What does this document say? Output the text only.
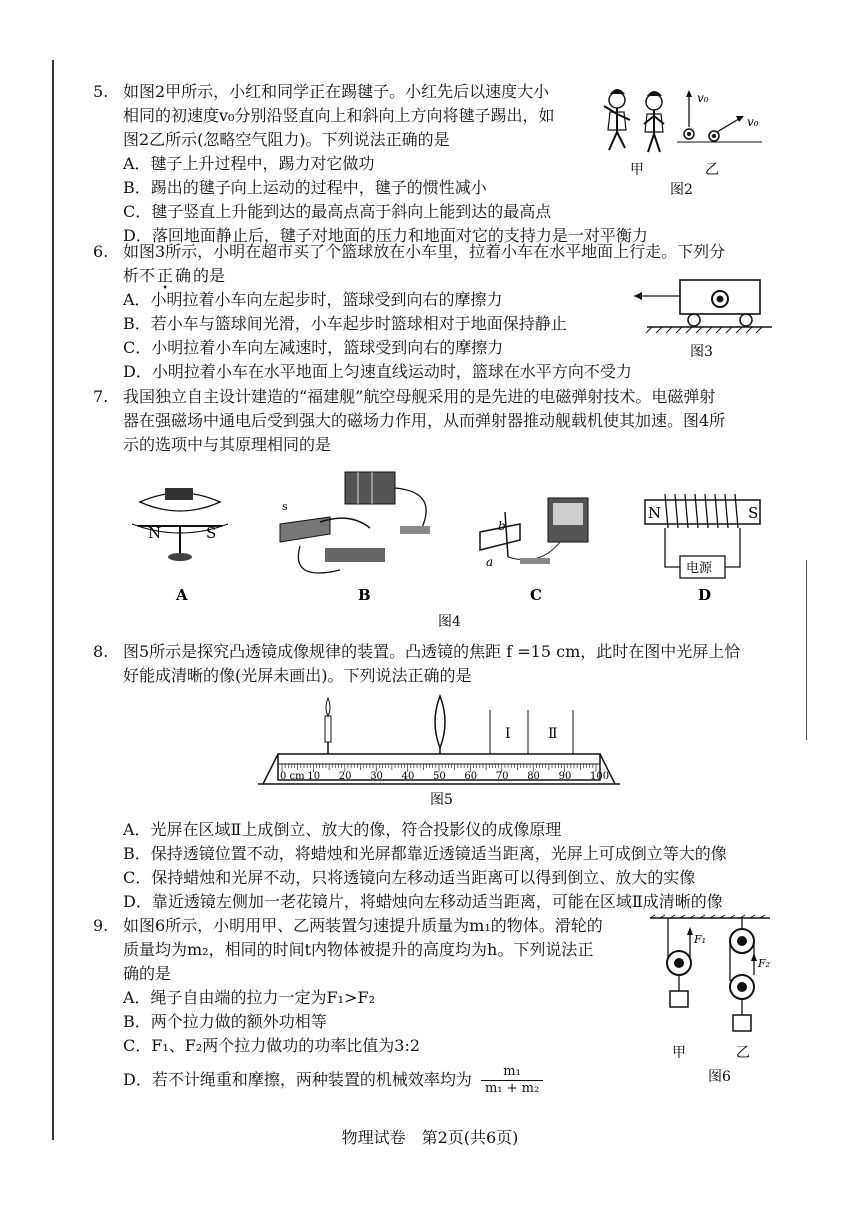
5. 如图2甲所示，小红和同学正在踢毽子。小红先后以速度大小
相同的初速度v₀分别沿竖直向上和斜向上方向将毽子踢出，如
图2乙所示(忽略空气阻力)。下列说法正确的是
A．毽子上升过程中，踢力对它做功
B．踢出的毽子向上运动的过程中，毽子的惯性减小
C．毽子竖直上升能到达的最高点高于斜向上能到达的最高点
D．落回地面静止后，毽子对地面的压力和地面对它的支持力是一对平衡力
v₀
v₀
甲	乙
图2
6. 如图3所示，小明在超市买了个篮球放在小车里，拉着小车在水平地面上行走。下列分
析不正确的是
A．小明拉着小车向左起步时，篮球受到向右的摩擦力
B．若小车与篮球间光滑，小车起步时篮球相对于地面保持静止
C．小明拉着小车向左减速时，篮球受到向右的摩擦力
D．小明拉着小车在水平地面上匀速直线运动时，篮球在水平方向不受力
图3
7. 我国独立自主设计建造的“福建舰”航空母舰采用的是先进的电磁弹射技术。电磁弹射
器在强磁场中通电后受到强大的磁场力作用，从而弹射器推动舰载机使其加速。图4所
示的选项中与其原理相同的是
N	S
A
s
B
b
a
C
N	S
电源
D
图4
8. 图5所示是探究凸透镜成像规律的装置。凸透镜的焦距 f =15 cm，此时在图中光屏上恰
好能成清晰的像(光屏未画出)。下列说法正确的是
Ⅰ	Ⅱ
0 cm 10 20 30 40 50 60 70 80 90 100
图5
A．光屏在区域Ⅱ上成倒立、放大的像，符合投影仪的成像原理
B．保持透镜位置不动，将蜡烛和光屏都靠近透镜适当距离，光屏上可成倒立等大的像
C．保持蜡烛和光屏不动，只将透镜向左移动适当距离可以得到倒立、放大的实像
D．靠近透镜左侧加一老花镜片，将蜡烛向左移动适当距离，可能在区域Ⅱ成清晰的像
9. 如图6所示，小明用甲、乙两装置匀速提升质量为m₁的物体。滑轮的
质量均为m₂，相同的时间t内物体被提升的高度均为h。下列说法正
确的是
A．绳子自由端的拉力一定为F₁>F₂
B．两个拉力做的额外功相等
C．F₁、F₂两个拉力做功的功率比值为3:2
D．若不计绳重和摩擦，两种装置的机械效率均为 $\frac{\text{m₁}}{\text{m₁ + m₂}}$
F₁
F₂
甲	乙
图6
物理试卷　第2页(共6页)
